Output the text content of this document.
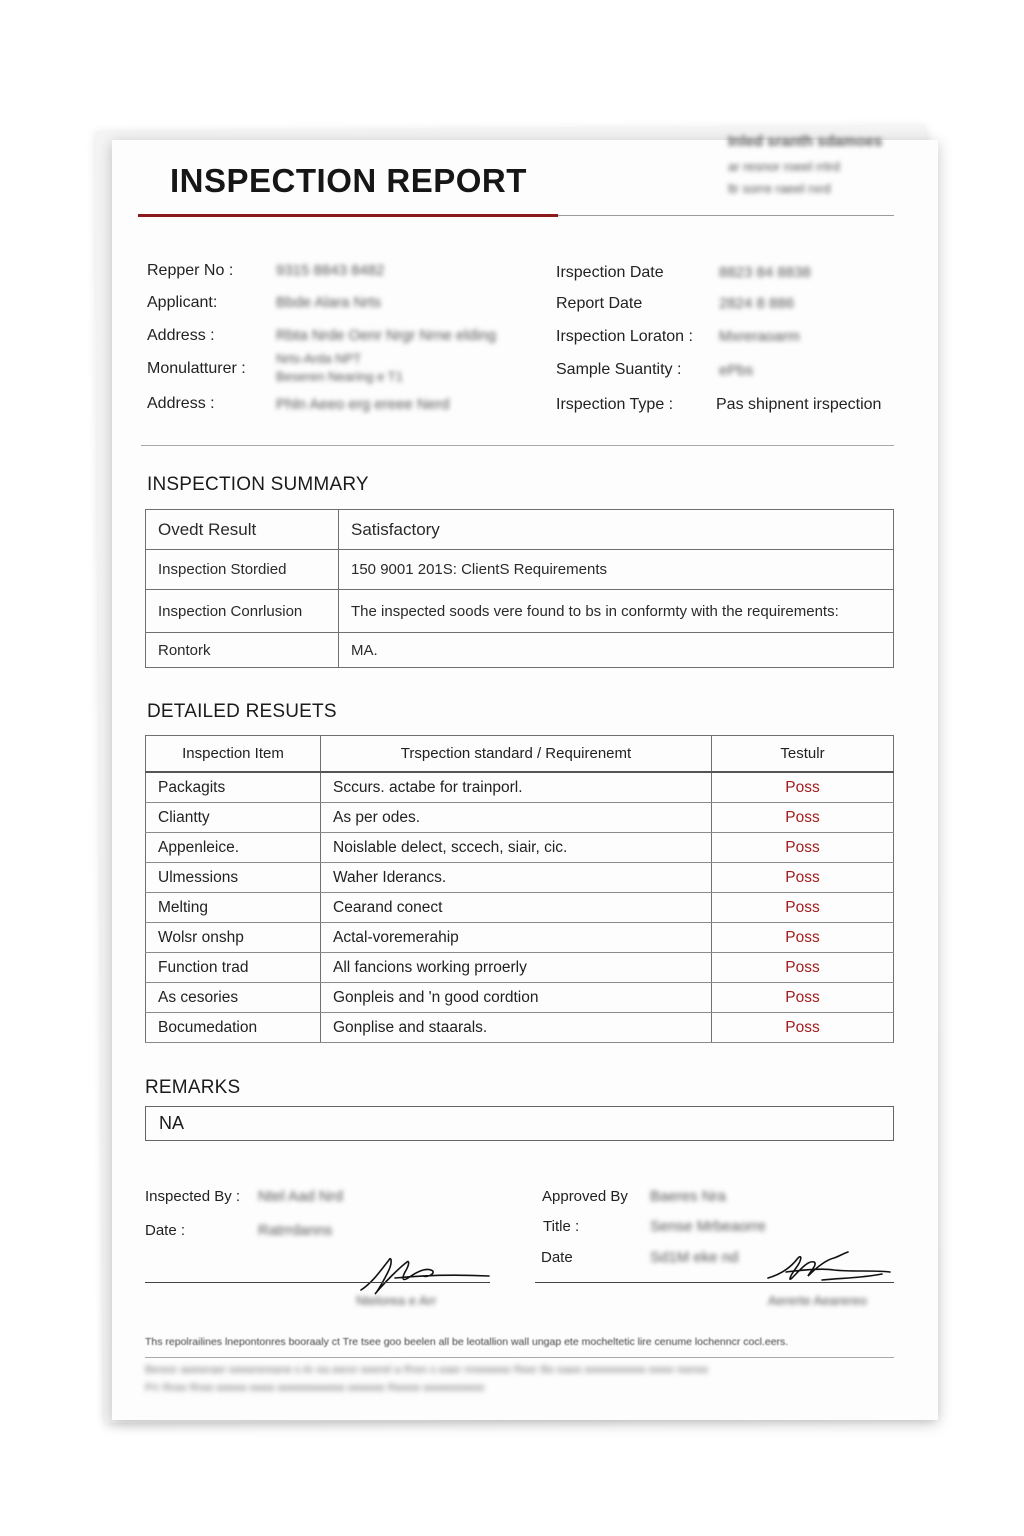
Inled sranth sdamoes
ar resnor roeel rrtrd
ltr sorre raeel rxrd
INSPECTION REPORT
Repper No :	9315 8843 8482
Applicant:	Bbde Alara Nrts
Address :	Rbta Nrde Oenr Nrgr Nrne elding
Monulatturer :
Nrts-Arda NPT
Beseren Nearing e T1
Address :	Phln Aeeo erg ereee Nerd
Irspection Date	8823 84 8838
Report Date	2824 8 886
Irspection Loraton : Mxreraoarm
Sample Suantity :	ePbs
Irspection Type :	Pas shipnent irspection
INSPECTION SUMMARY
Ovedt Result	Satisfactory
Inspection Stordied	150 9001 201S: ClientS Requirements
Inspection Conrlusion	The inspected soods vere found to bs in conformty with the requirements:
Rontork	MA.
DETAILED RESUETS
Inspection Item	Trspection standard / Requirenemt	Testulr
Packagits	Sccurs. actabe for trainporl.	Poss
Cliantty	As per odes.	Poss
Appenleice.	Noislable delect, sccech, siair, cic.	Poss
Ulmessions	Waher Iderancs.	Poss
Melting	Cearand conect	Poss
Wolsr onshp	Actal-voremerahip	Poss
Function trad	All fancions working prroerly	Poss
As cesories	Gonpleis and 'n good cordtion	Poss
Bocumedation	Gonplise and staarals.	Poss
REMARKS
NA
Inspected By : Ntel Aad Nrd
Date :	Ratrrdanns
Ntelorea e Arr
Approved By Baeres Nra
Title :	Sense Mrbeaorre
Date	Sd1M eke nd
Aererte Aearereo
Ths repolrailines lnepontonres booraaly ct Tre tsee goo beelen all be leotallion wall ungap ete mocheltetic lire cenume lochenncr cocl.eers.
Beresr aeewraer eeeerereane s Ar ea eeror eeerel a Rren s eaer nreeeeee Reer Be eaee eeeeeeeeee eeee reeree
Prr Rree Rree eeeee eeee eeeeeeeeeee eeeeee Reeee eeeeeeeeee
